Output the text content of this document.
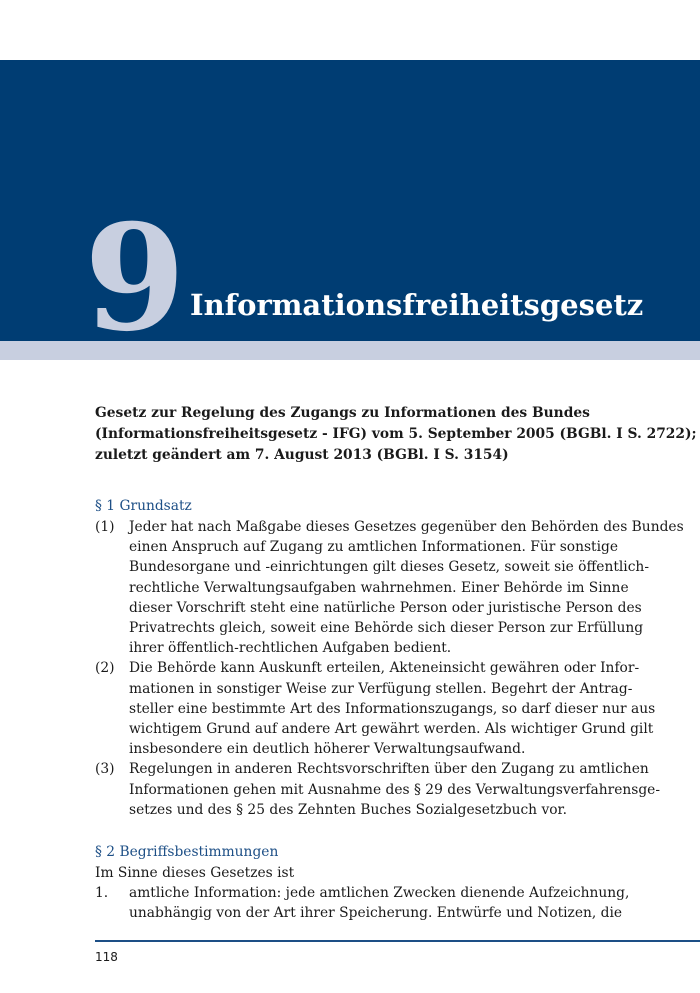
9 Informationsfreiheitsgesetz

Gesetz zur Regelung des Zugangs zu Informationen des Bundes
(Informationsfreiheitsgesetz - IFG) vom 5. September 2005 (BGBl. I S. 2722);
zuletzt geändert am 7. August 2013 (BGBl. I S. 3154)

§ 1 Grundsatz

(1)	Jeder hat nach Maßgabe dieses Gesetzes gegenüber den Behörden des Bundes
einen Anspruch auf Zugang zu amtlichen Informationen. Für sonstige
Bundesorgane und -einrichtungen gilt dieses Gesetz, soweit sie öffentlich-
rechtliche Verwaltungsaufgaben wahrnehmen. Einer Behörde im Sinne
dieser Vorschrift steht eine natürliche Person oder juristische Person des
Privatrechts gleich, soweit eine Behörde sich dieser Person zur Erfüllung
ihrer öffentlich-rechtlichen Aufgaben bedient.
(2)	Die Behörde kann Auskunft erteilen, Akteneinsicht gewähren oder Infor-
mationen in sonstiger Weise zur Verfügung stellen. Begehrt der Antrag-
steller eine bestimmte Art des Informationszugangs, so darf dieser nur aus
wichtigem Grund auf andere Art gewährt werden. Als wichtiger Grund gilt
insbesondere ein deutlich höherer Verwaltungsaufwand.
(3)	Regelungen in anderen Rechtsvorschriften über den Zugang zu amtlichen
Informationen gehen mit Ausnahme des § 29 des Verwaltungsverfahrensge-
setzes und des § 25 des Zehnten Buches Sozialgesetzbuch vor.

§ 2 Begriffsbestimmungen

Im Sinne dieses Gesetzes ist

1.	amtliche Information: jede amtlichen Zwecken dienende Aufzeichnung,
unabhängig von der Art ihrer Speicherung. Entwürfe und Notizen, die
118
